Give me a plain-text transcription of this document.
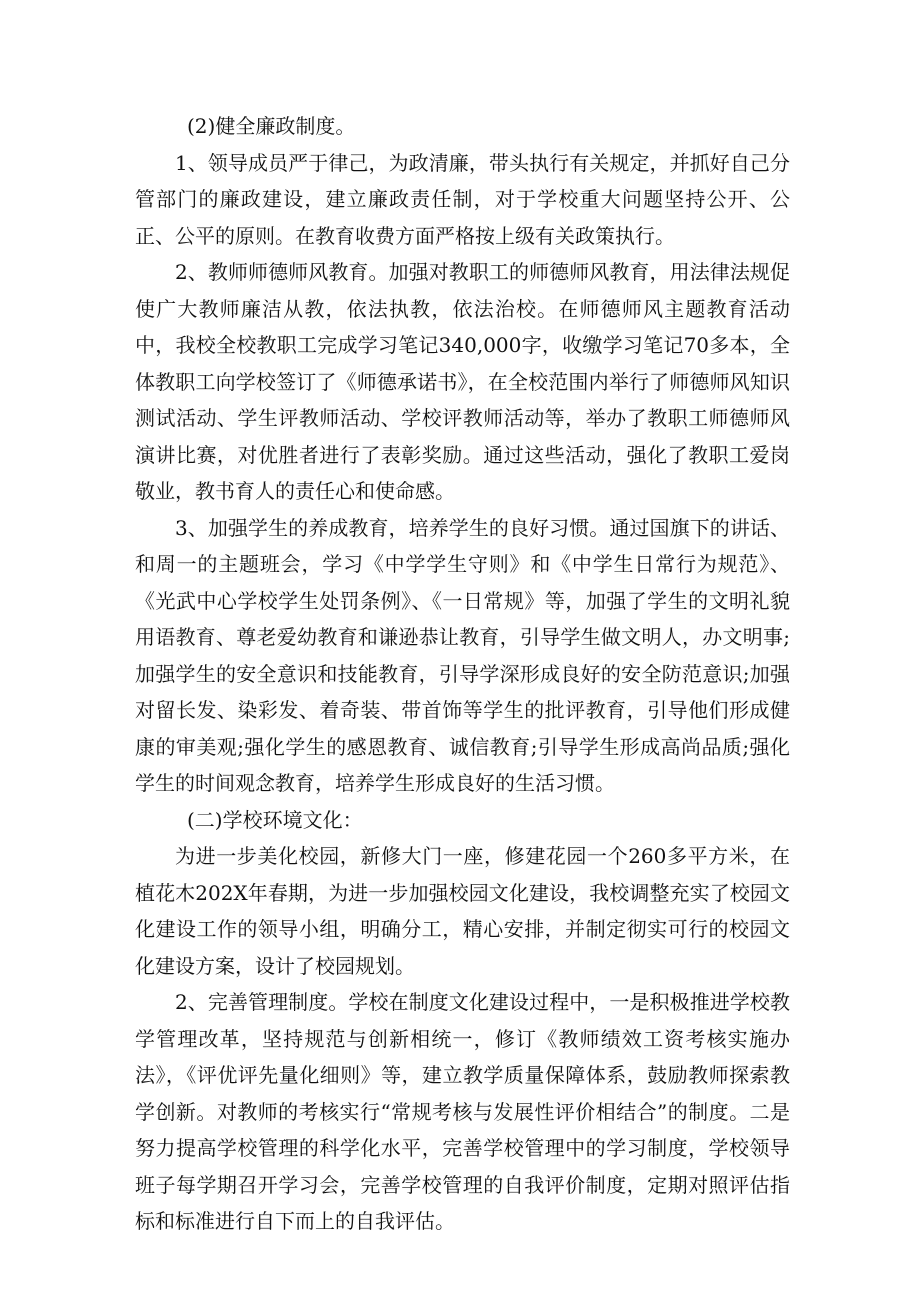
(2)健全廉政制度。

1、领导成员严于律己，为政清廉，带头执行有关规定，并抓好自己分管部门的廉政建设，建立廉政责任制，对于学校重大问题坚持公开、公正、公平的原则。在教育收费方面严格按上级有关政策执行。

2、教师师德师风教育。加强对教职工的师德师风教育，用法律法规促使广大教师廉洁从教，依法执教，依法治校。在师德师风主题教育活动中，我校全校教职工完成学习笔记340,000字，收缴学习笔记70多本，全体教职工向学校签订了《师德承诺书》，在全校范围内举行了师德师风知识测试活动、学生评教师活动、学校评教师活动等，举办了教职工师德师风演讲比赛，对优胜者进行了表彰奖励。通过这些活动，强化了教职工爱岗敬业，教书育人的责任心和使命感。

3、加强学生的养成教育，培养学生的良好习惯。通过国旗下的讲话、和周一的主题班会，学习《中学学生守则》和《中学生日常行为规范》、《光武中心学校学生处罚条例》、《一日常规》等，加强了学生的文明礼貌用语教育、尊老爱幼教育和谦逊恭让教育，引导学生做文明人，办文明事;加强学生的安全意识和技能教育，引导学深形成良好的安全防范意识;加强对留长发、染彩发、着奇装、带首饰等学生的批评教育，引导他们形成健康的审美观;强化学生的感恩教育、诚信教育;引导学生形成高尚品质;强化学生的时间观念教育，培养学生形成良好的生活习惯。

(二)学校环境文化：

为进一步美化校园，新修大门一座，修建花园一个260多平方米，在植花木202X年春期，为进一步加强校园文化建设，我校调整充实了校园文化建设工作的领导小组，明确分工，精心安排，并制定彻实可行的校园文化建设方案，设计了校园规划。

2、完善管理制度。学校在制度文化建设过程中，一是积极推进学校教学管理改革，坚持规范与创新相统一，修订《教师绩效工资考核实施办法》，《评优评先量化细则》等，建立教学质量保障体系，鼓励教师探索教学创新。对教师的考核实行“常规考核与发展性评价相结合”的制度。二是努力提高学校管理的科学化水平，完善学校管理中的学习制度，学校领导班子每学期召开学习会，完善学校管理的自我评价制度，定期对照评估指标和标准进行自下而上的自我评估。
